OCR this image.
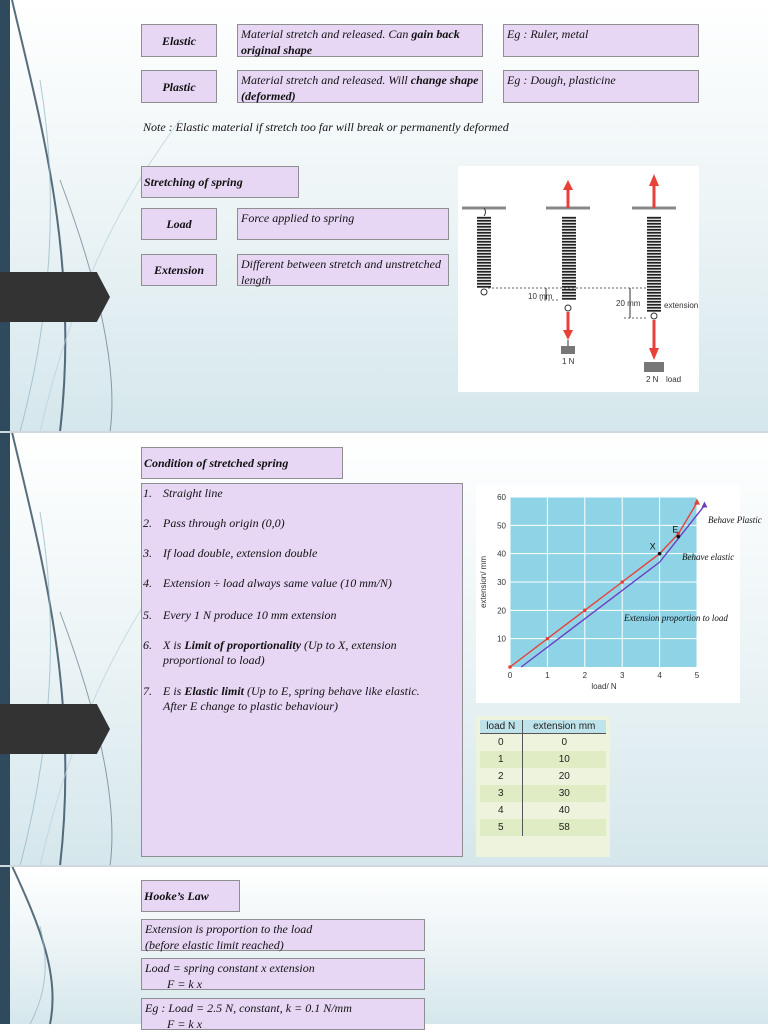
Elastic	Material stretch and released. Can gain back original shape
Eg : Ruler, metal
Plastic	Material stretch and released. Will change shape (deformed)
Eg : Dough, plasticine
Note : Elastic material if stretch too far will break or permanently deformed
Stretching of spring
Load	Force applied to spring
Extension	Different between stretch and unstretched length
1 N
10 mm
20 mm	extension
2 N load
Condition of stretched spring
1. Straight line
2. Pass through origin (0,0)
3. If load double, extension double
4. Extension ÷ load always same value (10 mm/N)
5. Every 1 N produce 10 mm extension
6. X is Limit of proportionality (Up to X, extension proportional to load)
7. E is Elastic limit (Up to E, spring behave like elastic. After E change to plastic behaviour)
0	1	2	3	4	5
10
20
30
40
50
60
X
E
extension/ mm
load/ N
Behave Plastic
Behave elastic
Extension proportion to load
load N	extension mm
0	0
1	10
2	20
3	30
4	40
5	58
Hooke’s Law
Extension is proportion to the load
(before elastic limit reached)
Load = spring constant x extension
F = k x
Eg : Load = 2.5 N, constant, k = 0.1 N/mm
F = k x
